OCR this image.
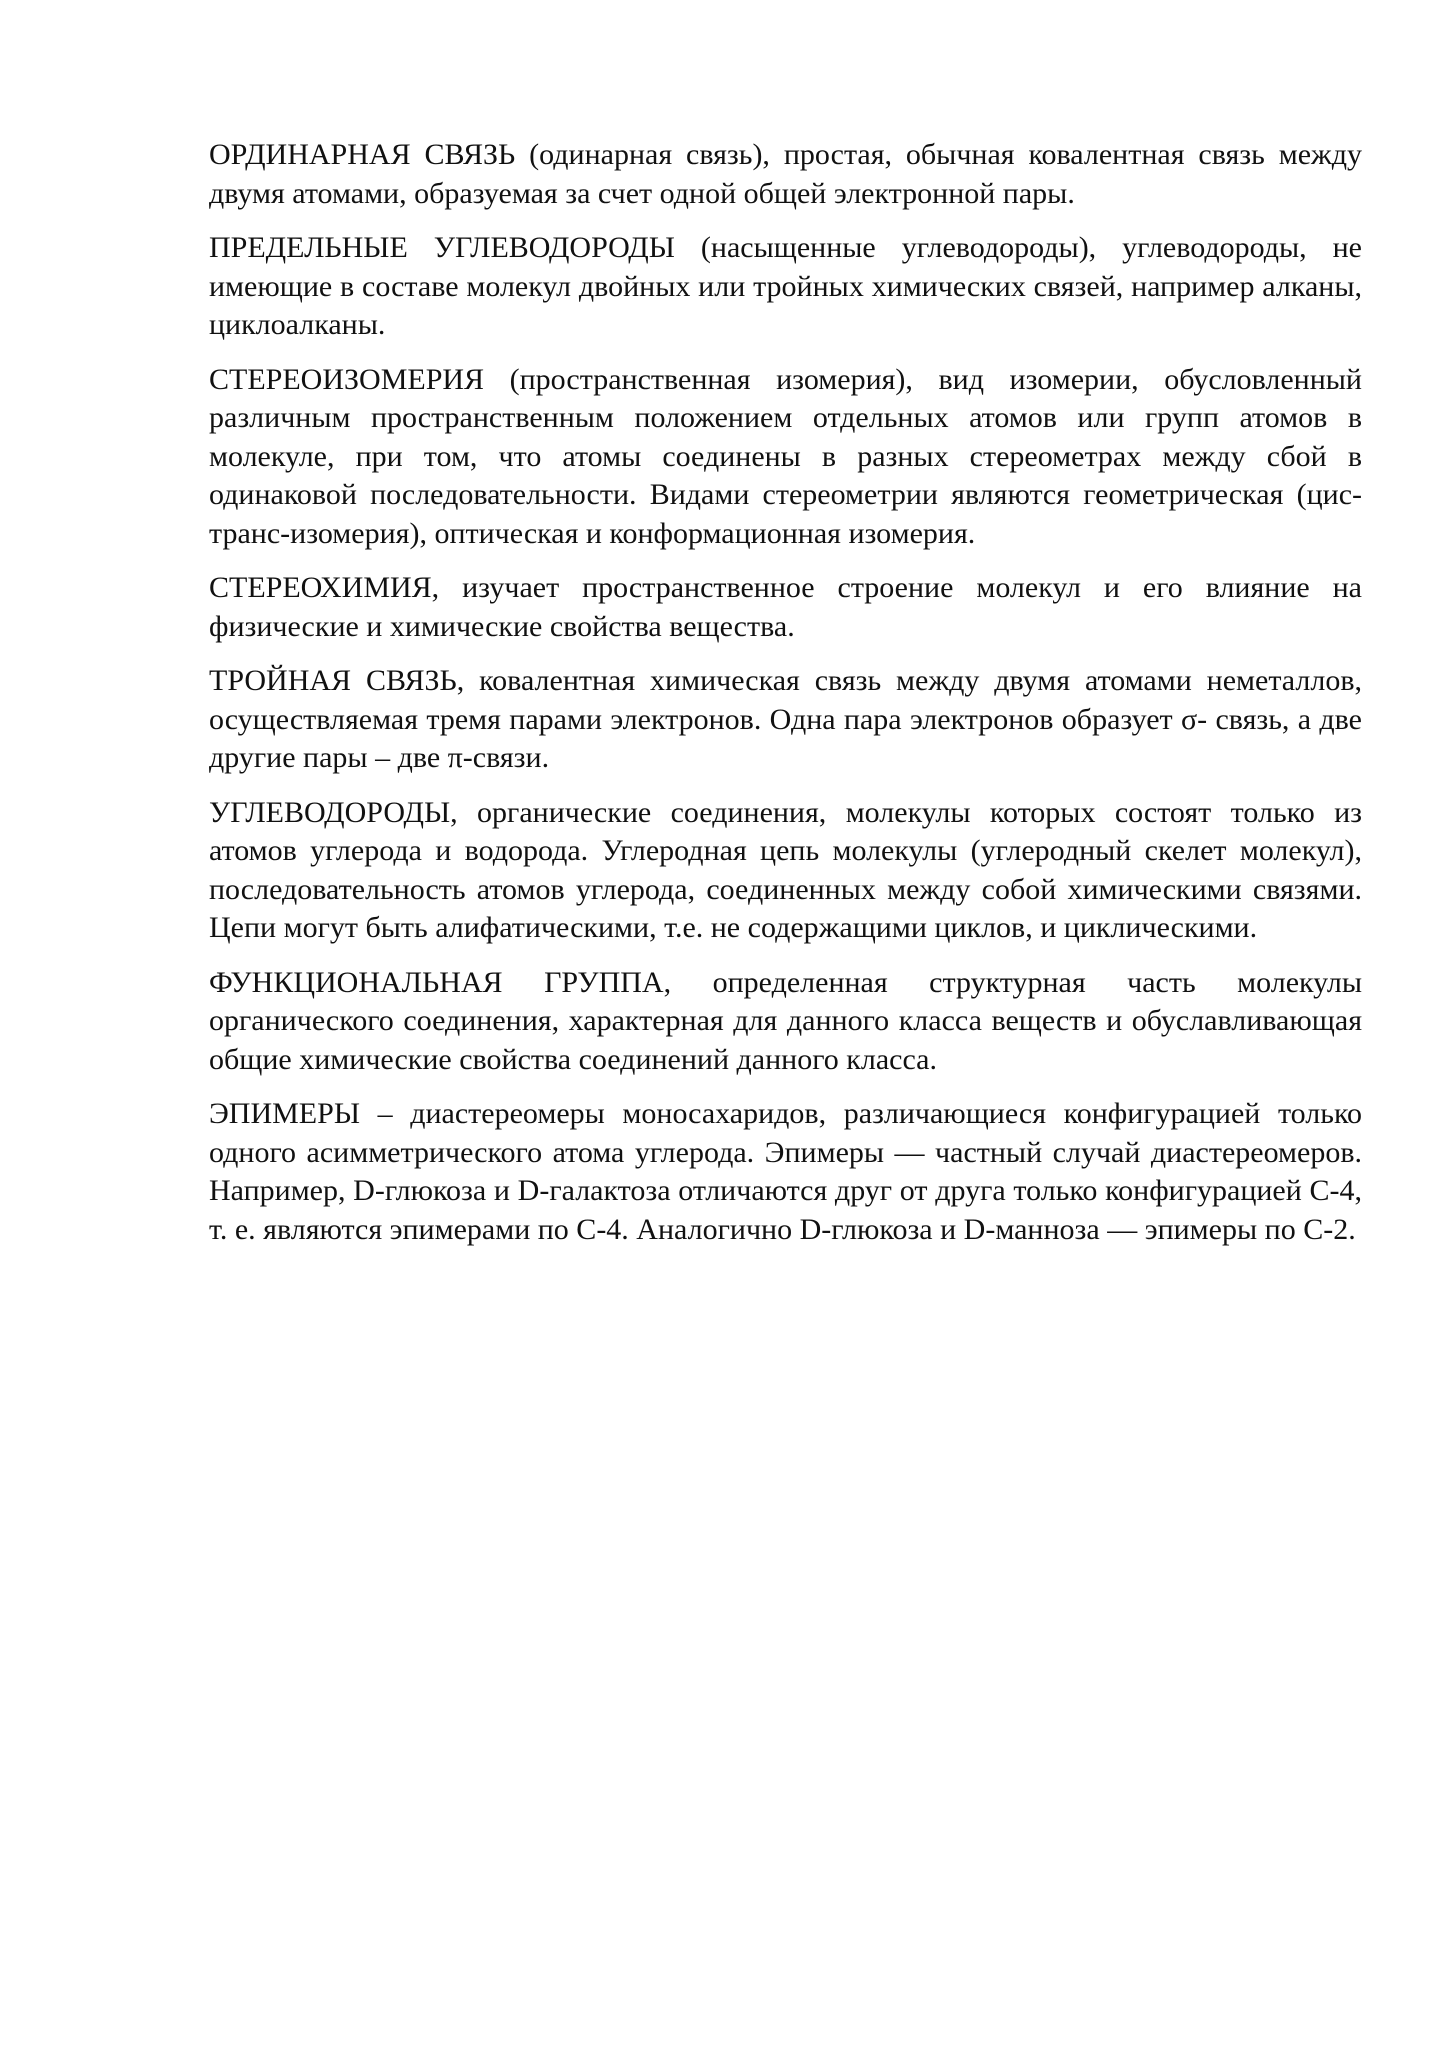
ОРДИНАРНАЯ СВЯЗЬ (одинарная связь), простая, обычная ковалентная связь между двумя атомами, образуемая за счет одной общей электронной пары.

ПРЕДЕЛЬНЫЕ УГЛЕВОДОРОДЫ (насыщенные углеводороды), углеводороды, не имеющие в составе молекул двойных или тройных химических связей, например алканы, циклоалканы.

СТЕРЕОИЗОМЕРИЯ (пространственная изомерия), вид изомерии, обусловленный различным пространственным положением отдельных атомов или групп атомов в молекуле, при том, что атомы соединены в разных стереометрах между сбой в одинаковой последовательности. Видами стереометрии являются геометрическая (цис-транс-изомерия), оптическая и конформационная изомерия.

СТЕРЕОХИМИЯ, изучает пространственное строение молекул и его влияние на физические и химические свойства вещества.

ТРОЙНАЯ СВЯЗЬ, ковалентная химическая связь между двумя атомами неметаллов, осуществляемая тремя парами электронов. Одна пара электронов образует σ- связь, а две другие пары – две π-связи.

УГЛЕВОДОРОДЫ, органические соединения, молекулы которых состоят только из атомов углерода и водорода. Углеродная цепь молекулы (углеродный скелет молекул), последовательность атомов углерода, соединенных между собой химическими связями. Цепи могут быть алифатическими, т.е. не содержащими циклов, и циклическими.

ФУНКЦИОНАЛЬНАЯ ГРУППА, определенная структурная часть молекулы органического соединения, характерная для данного класса веществ и обуславливающая общие химические свойства соединений данного класса.

ЭПИМЕРЫ – диастереомеры моносахаридов, различающиеся конфигурацией только одного асимметрического атома углерода. Эпимеры — частный случай диастереомеров. Например, D-глюкоза и D-галактоза отличаются друг от друга только конфигурацией С-4, т. е. являются эпимерами по С-4. Аналогично D-глюкоза и D-манноза — эпимеры по С-2.
